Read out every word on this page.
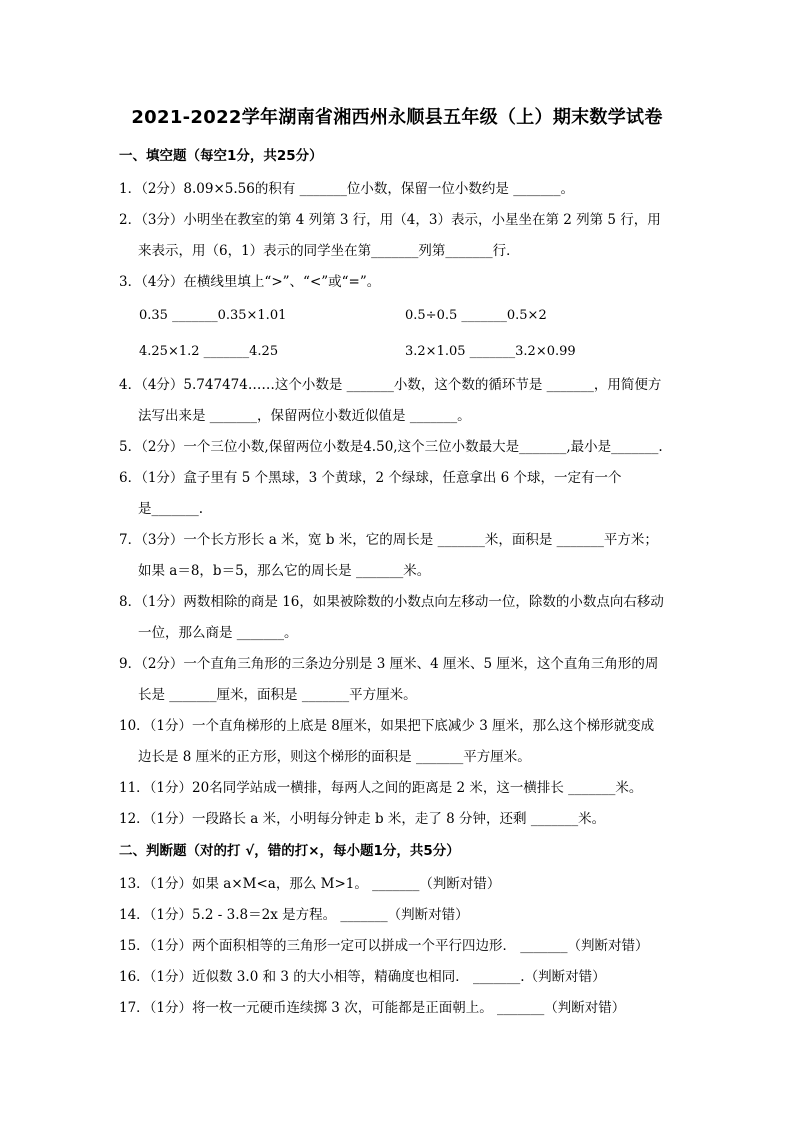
2021-2022学年湖南省湘西州永顺县五年级（上）期末数学试卷
一、填空题（每空1分，共25分）
1．（2分）8.09×5.56的积有 _______位小数，保留一位小数约是 _______。
2．（3分）小明坐在教室的第 4 列第 3 行，用（4，3）表示，小星坐在第 2 列第 5 行，用
来表示，用（6，1）表示的同学坐在第_______列第_______行．
3．（4分）在横线里填上“>”、“<”或“=”。
0.35 _______0.35×1.01	0.5÷0.5 _______0.5×2
4.25×1.2 _______4.25	3.2×1.05 _______3.2×0.99
4．（4分）5.747474……这个小数是 _______小数，这个数的循环节是 _______，用简便方
法写出来是 _______，保留两位小数近似值是 _______。
5．（2分）一个三位小数,保留两位小数是4.50,这个三位小数最大是_______,最小是_______.
6．（1分）盒子里有 5 个黑球，3 个黄球，2 个绿球，任意拿出 6 个球，一定有一个
是_______.
7．（3分）一个长方形长 a 米，宽 b 米，它的周长是 _______米，面积是 _______平方米；
如果 a＝8，b＝5，那么它的周长是 _______米。
8．（1分）两数相除的商是 16，如果被除数的小数点向左移动一位，除数的小数点向右移动
一位，那么商是 _______。
9．（2分）一个直角三角形的三条边分别是 3 厘米、4 厘米、5 厘米，这个直角三角形的周
长是 _______厘米，面积是 _______平方厘米。
10．（1分）一个直角梯形的上底是 8厘米，如果把下底减少 3 厘米，那么这个梯形就变成
边长是 8 厘米的正方形，则这个梯形的面积是 _______平方厘米。
11．（1分）20名同学站成一横排，每两人之间的距离是 2 米，这一横排长 _______米。
12．（1分）一段路长 a 米，小明每分钟走 b 米，走了 8 分钟，还剩 _______米。
二、判断题（对的打 √，错的打×，每小题1分，共5分）
13．（1分）如果 a×M<a，那么 M>1。 _______（判断对错）
14．（1分）5.2 - 3.8＝2x 是方程。 _______（判断对错）
15．（1分）两个面积相等的三角形一定可以拼成一个平行四边形． _______（判断对错）
16．（1分）近似数 3.0 和 3 的大小相等，精确度也相同． _______.（判断对错）
17．（1分）将一枚一元硬币连续掷 3 次，可能都是正面朝上。 _______（判断对错）
